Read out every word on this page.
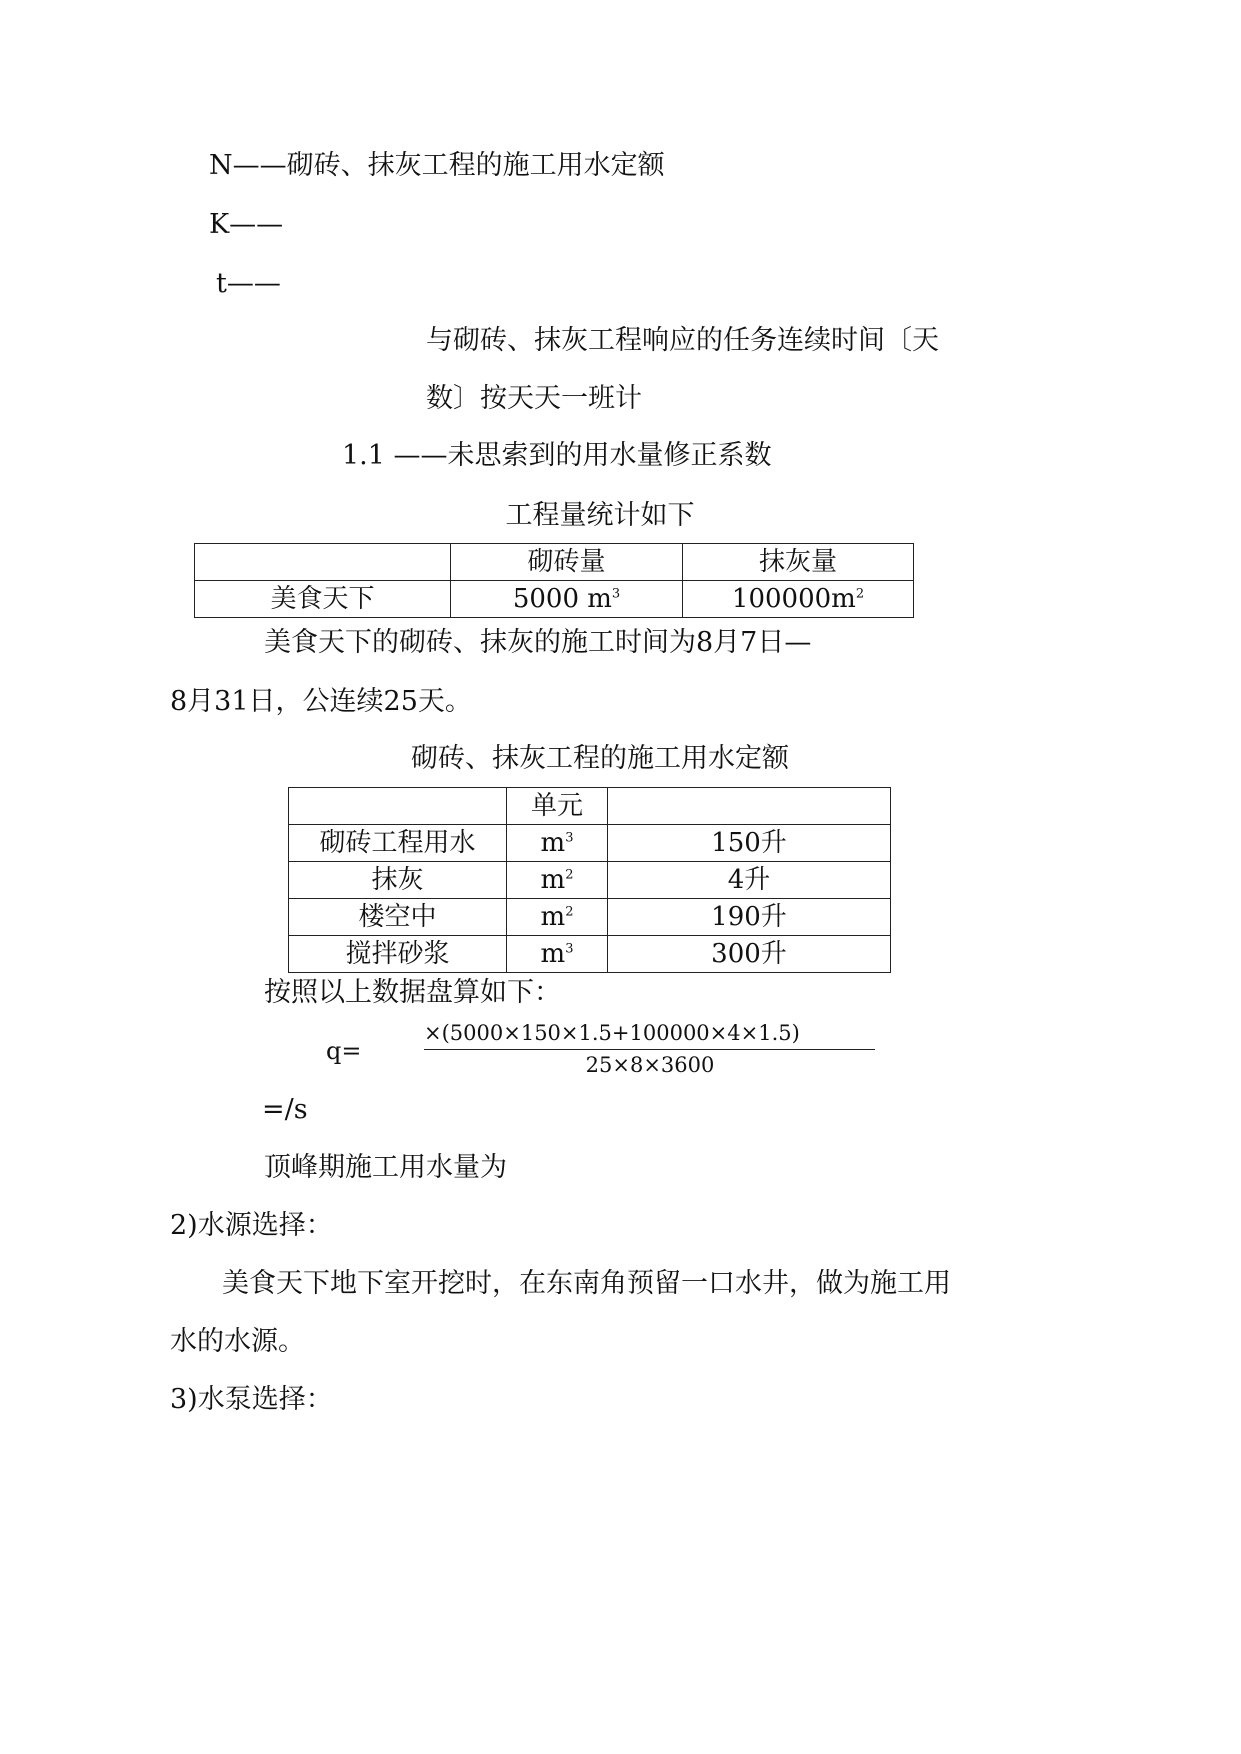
N——砌砖、抹灰工程的施工用水定额
K——
t——
与砌砖、抹灰工程响应的任务连续时间〔天
数〕按天天一班计
1.1 ——未思索到的用水量修正系数
工程量统计如下
	砌砖量	抹灰量
美食天下	5000 $m^3$	$100000m^2$
美食天下的砌砖、抹灰的施工时间为8月7日—
8月31日，公连续25天。
砌砖、抹灰工程的施工用水定额
	单元	
砌砖工程用水	$m^3$	150升
抹灰	$m^2$	4升
楼空中	$m^2$	190升
搅拌砂浆	$m^3$	300升
按照以上数据盘算如下：
q=
×(5000×150×1.5+100000×4×1.5)
25×8×3600
=/s
顶峰期施工用水量为
2)水源选择：
美食天下地下室开挖时，在东南角预留一口水井，做为施工用
水的水源。
3)水泵选择：
